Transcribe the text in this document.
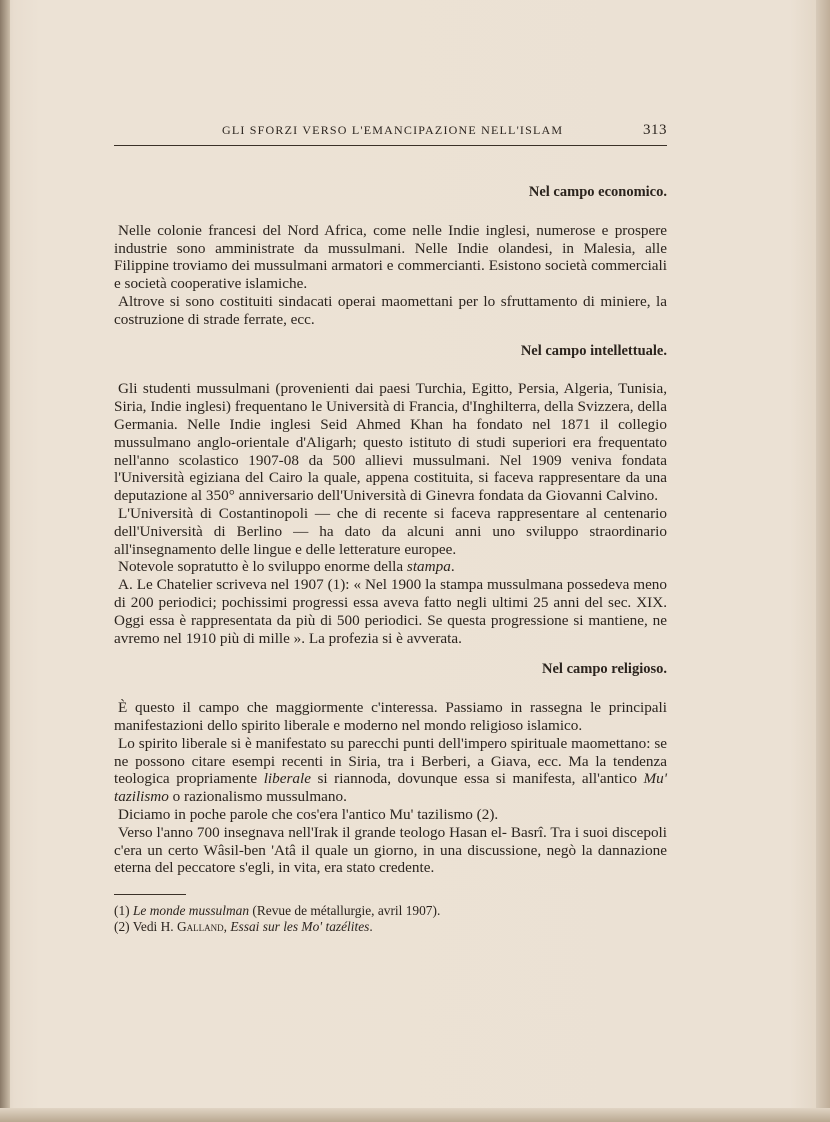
GLI SFORZI VERSO L'EMANCIPAZIONE NELL'ISLAM	313
Nel campo economico.

Nelle colonie francesi del Nord Africa, come nelle Indie inglesi, numerose e prospere industrie sono amministrate da mussulmani. Nelle Indie olandesi, in Malesia, alle Filippine troviamo dei mussulmani armatori e commercianti. Esistono società commerciali e società cooperative islamiche.

Altrove si sono costituiti sindacati operai maomettani per lo sfruttamento di miniere, la costruzione di strade ferrate, ecc.

Nel campo intellettuale.

Gli studenti mussulmani (provenienti dai paesi Turchia, Egitto, Persia, Algeria, Tunisia, Siria, Indie inglesi) frequentano le Università di Francia, d'Inghilterra, della Svizzera, della Germania. Nelle Indie inglesi Seid Ahmed Khan ha fondato nel 1871 il collegio mussulmano anglo-orientale d'Aligarh; questo istituto di studi superiori era frequentato nell'anno scolastico 1907-08 da 500 allievi mussulmani. Nel 1909 veniva fondata l'Università egiziana del Cairo la quale, appena costituita, si faceva rappresentare da una deputazione al 350° anniversario dell'Università di Ginevra fondata da Giovanni Calvino.

L'Università di Costantinopoli — che di recente si faceva rappresentare al centenario dell'Università di Berlino — ha dato da alcuni anni uno sviluppo straordinario all'insegnamento delle lingue e delle letterature europee.

Notevole sopratutto è lo sviluppo enorme della stampa.

A. Le Chatelier scriveva nel 1907 (1): « Nel 1900 la stampa mussulmana possedeva meno di 200 periodici; pochissimi progressi essa aveva fatto negli ultimi 25 anni del sec. XIX. Oggi essa è rappresentata da più di 500 periodici. Se questa progressione si mantiene, ne avremo nel 1910 più di mille ». La profezia si è avverata.

Nel campo religioso.

È questo il campo che maggiormente c'interessa. Passiamo in rassegna le principali manifestazioni dello spirito liberale e moderno nel mondo religioso islamico.

Lo spirito liberale si è manifestato su parecchi punti dell'impero spirituale maomettano: se ne possono citare esempi recenti in Siria, tra i Berberi, a Giava, ecc. Ma la tendenza teologica propriamente liberale si riannoda, dovunque essa si manifesta, all'antico Mu' tazilismo o razionalismo mussulmano.

Diciamo in poche parole che cos'era l'antico Mu' tazilismo (2).

Verso l'anno 700 insegnava nell'Irak il grande teologo Hasan el- Basrî. Tra i suoi discepoli c'era un certo Wâsil-ben 'Atâ il quale un giorno, in una discussione, negò la dannazione eterna del peccatore s'egli, in vita, era stato credente.

(1) Le monde mussulman (Revue de métallurgie, avril 1907).
(2) Vedi H. Galland, Essai sur les Mo' tazélites.
